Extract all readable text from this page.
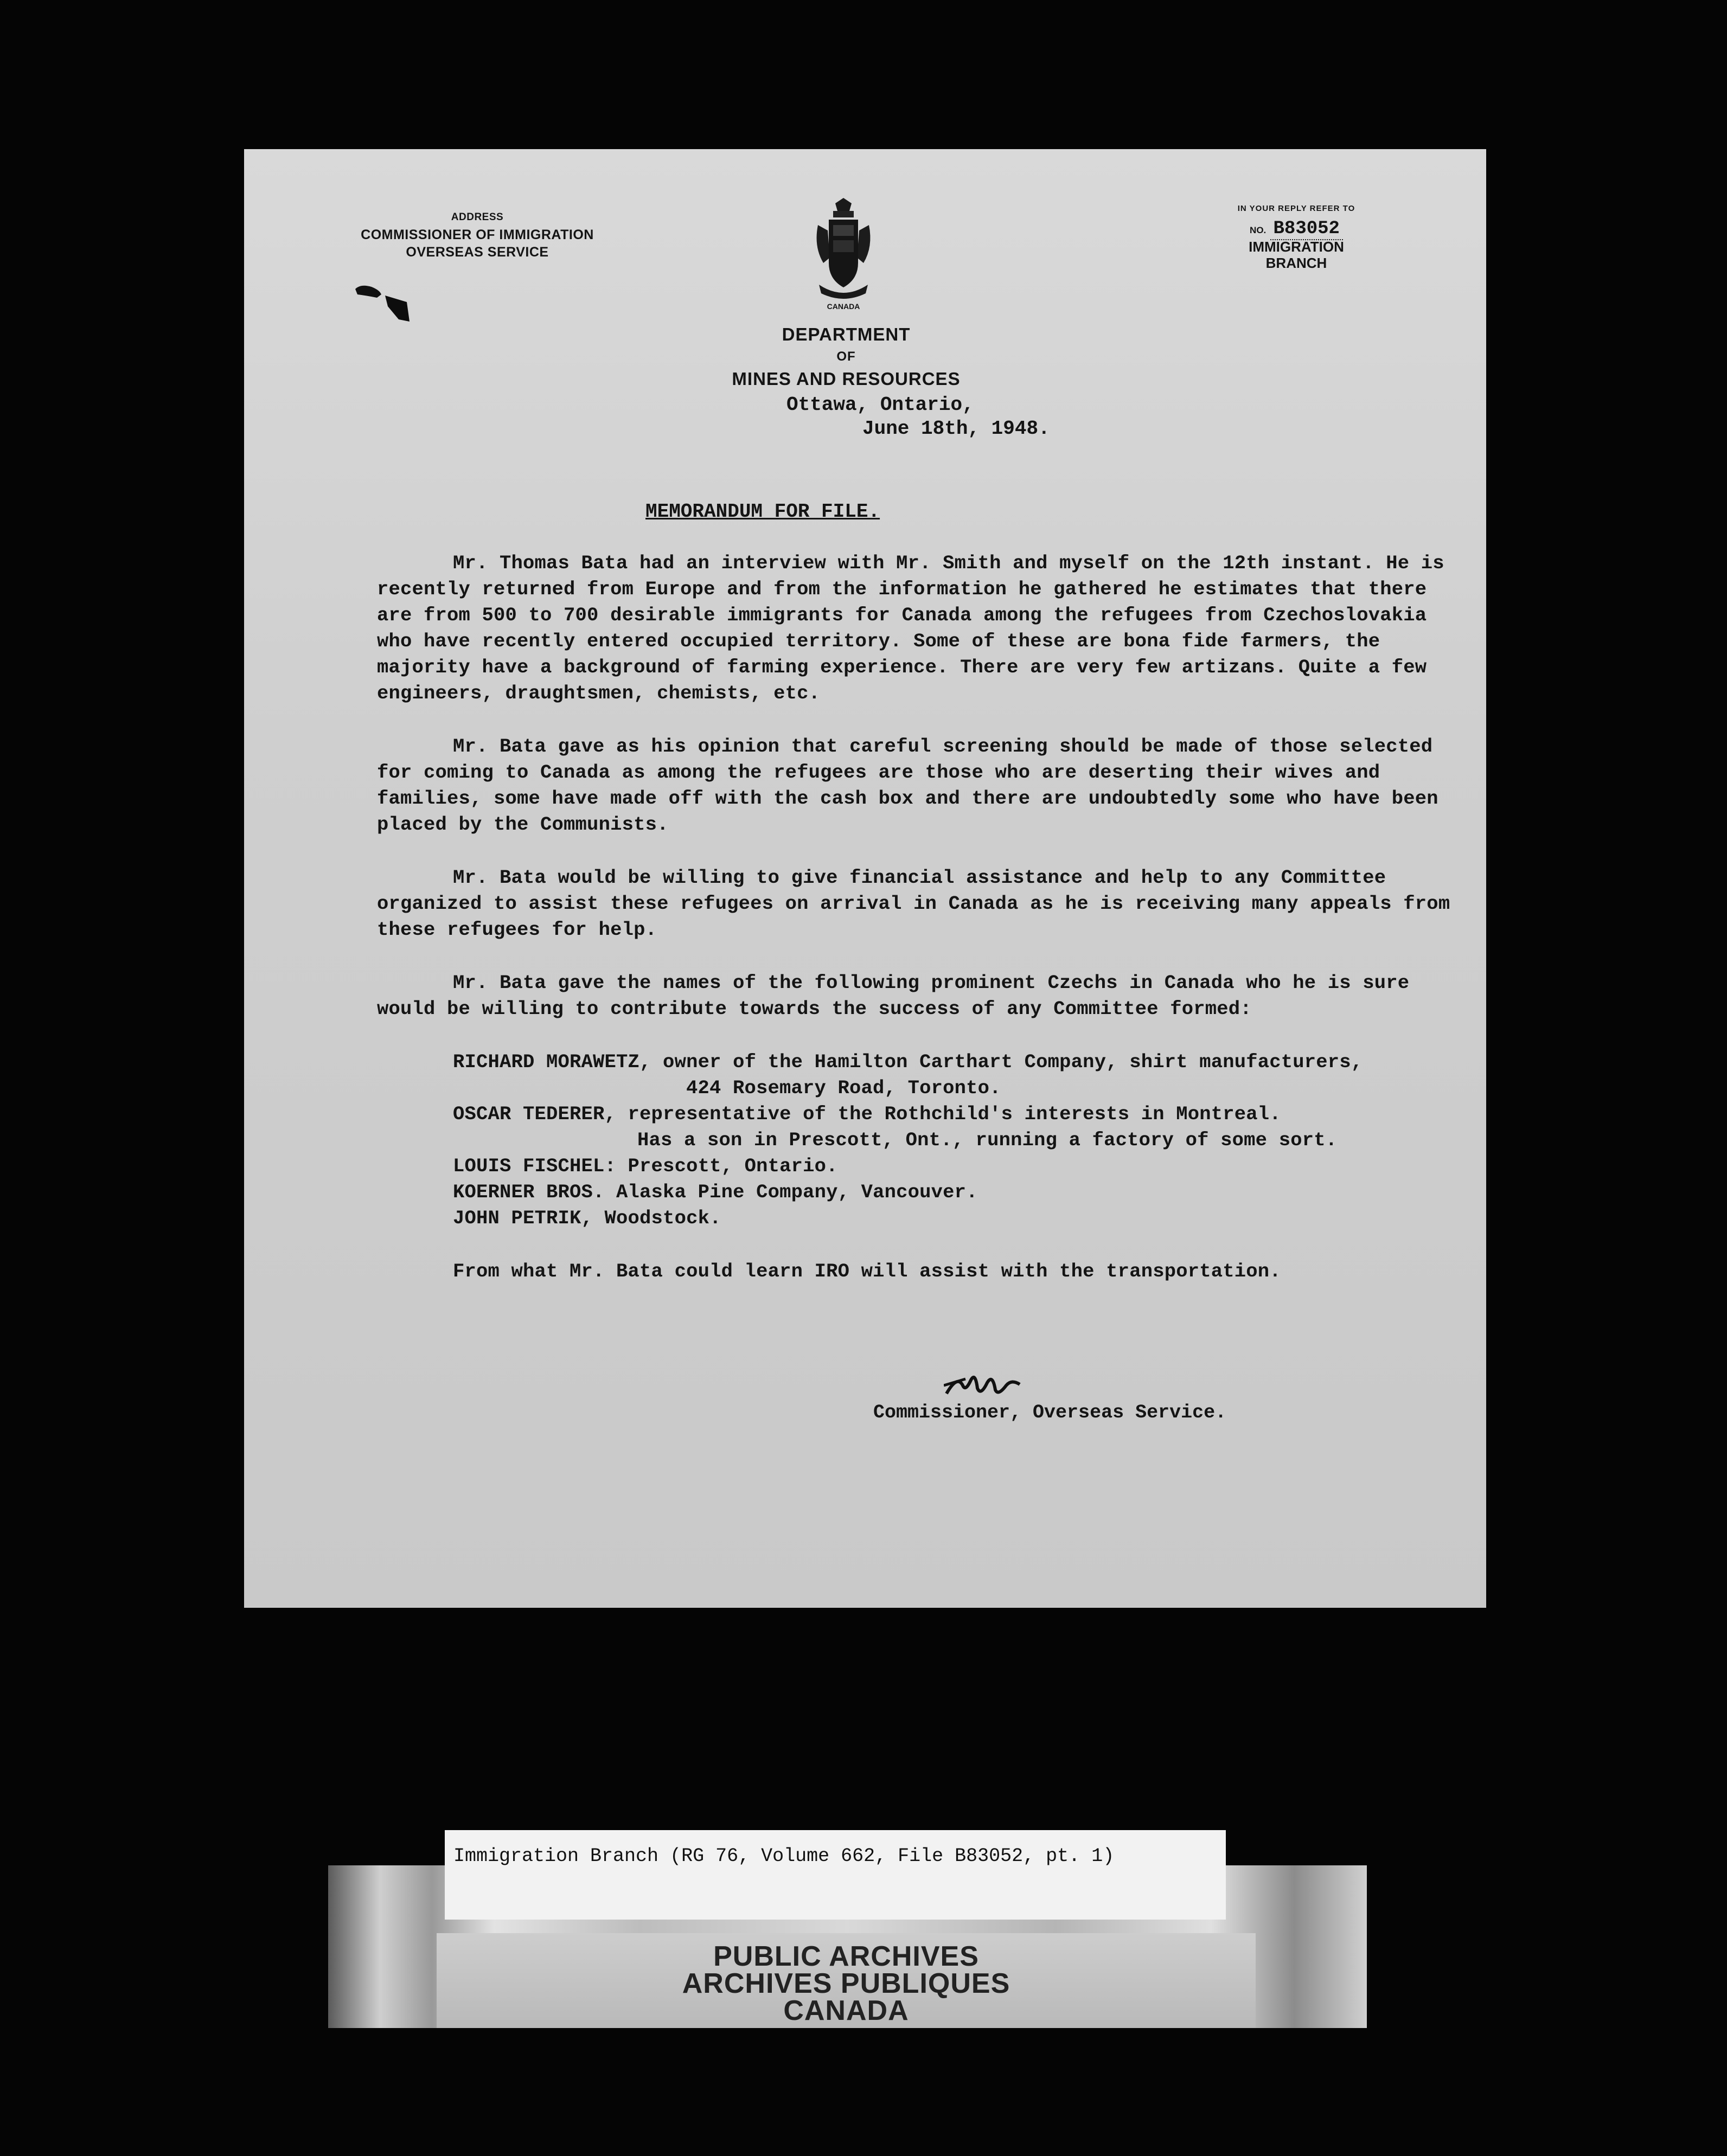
ADDRESS
COMMISSIONER OF IMMIGRATION
OVERSEAS SERVICE
CANADA
DEPARTMENT
OF
MINES AND RESOURCES
IN YOUR REPLY REFER TO
NO. B83052
IMMIGRATION
BRANCH
Ottawa, Ontario,
June 18th, 1948.
MEMORANDUM FOR FILE.

Mr. Thomas Bata had an interview with Mr. Smith and myself on the 12th instant. He is recently returned from Europe and from the information he gathered he estimates that there are from 500 to 700 desirable immigrants for Canada among the refugees from Czechoslovakia who have recently entered occupied territory. Some of these are bona fide farmers, the majority have a background of farming experience. There are very few artizans. Quite a few engineers, draughtsmen, chemists, etc.

Mr. Bata gave as his opinion that careful screening should be made of those selected for coming to Canada as among the refugees are those who are deserting their wives and families, some have made off with the cash box and there are undoubtedly some who have been placed by the Communists.

Mr. Bata would be willing to give financial assistance and help to any Committee organized to assist these refugees on arrival in Canada as he is receiving many appeals from these refugees for help.

Mr. Bata gave the names of the following prominent Czechs in Canada who he is sure would be willing to contribute towards the success of any Committee formed:

RICHARD MORAWETZ, owner of the Hamilton Carthart Company, shirt manufacturers,
424 Rosemary Road, Toronto.
OSCAR TEDERER, representative of the Rothchild's interests in Montreal.
Has a son in Prescott, Ont., running a factory of some sort.
LOUIS FISCHEL: Prescott, Ontario.
KOERNER BROS. Alaska Pine Company, Vancouver.
JOHN PETRIK, Woodstock.
From what Mr. Bata could learn IRO will assist with the transportation.
Commissioner, Overseas Service.
PUBLIC ARCHIVES
ARCHIVES PUBLIQUES
CANADA
Immigration Branch (RG 76, Volume 662, File B83052, pt. 1)
